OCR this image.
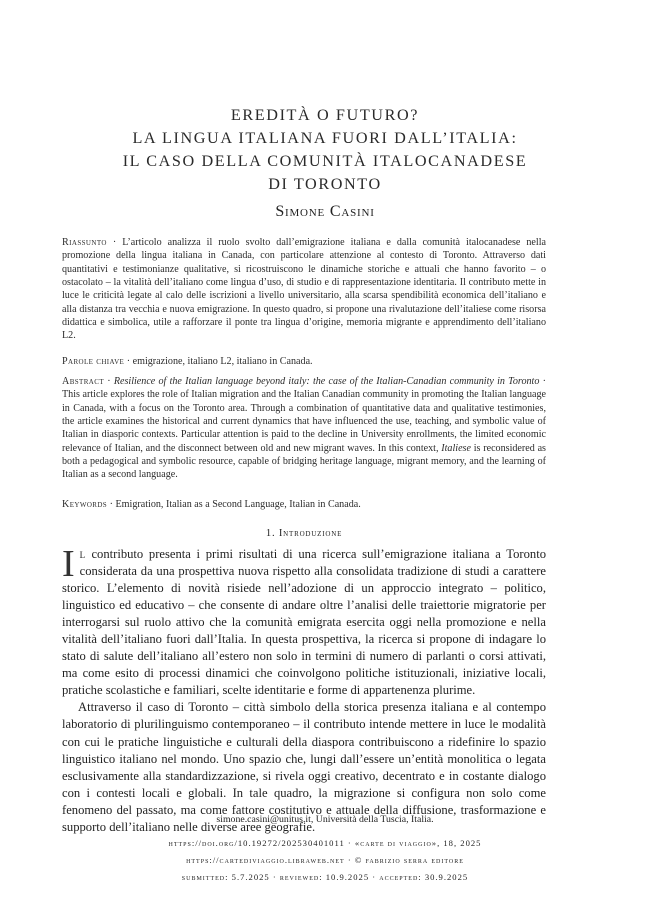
EREDITÀ O FUTURO?
LA LINGUA ITALIANA FUORI DALL’ITALIA:
IL CASO DELLA COMUNITÀ ITALOCANADESE
DI TORONTO
Simone Casini
Riassunto · L’articolo analizza il ruolo svolto dall’emigrazione italiana e dalla comunità italocanadese nella promozione della lingua italiana in Canada, con particolare attenzione al contesto di Toronto. Attraverso dati quantitativi e testimonianze qualitative, si ricostruiscono le dinamiche storiche e attuali che hanno favorito – o ostacolato – la vitalità dell’italiano come lingua d’uso, di studio e di rappresentazione identitaria. Il contributo mette in luce le criticità legate al calo delle iscrizioni a livello universitario, alla scarsa spendibilità economica dell’italiano e alla distanza tra vecchia e nuova emigrazione. In questo quadro, si propone una rivalutazione dell’italiese come risorsa didattica e simbolica, utile a rafforzare il ponte tra lingua d’origine, memoria migrante e apprendimento dell’italiano L2.
Parole chiave · emigrazione, italiano L2, italiano in Canada.
Abstract · Resilience of the Italian language beyond italy: the case of the Italian-Canadian community in Toronto · This article explores the role of Italian migration and the Italian Canadian community in promoting the Italian language in Canada, with a focus on the Toronto area. Through a combination of quantitative data and qualitative testimonies, the article examines the historical and current dynamics that have influenced the use, teaching, and symbolic value of Italian in diasporic contexts. Particular attention is paid to the decline in University enrollments, the limited economic relevance of Italian, and the disconnect between old and new migrant waves. In this context, Italiese is reconsidered as both a pedagogical and symbolic resource, capable of bridging heritage language, migrant memory, and the learning of Italian as a second language.
Keywords · Emigration, Italian as a Second Language, Italian in Canada.
1. Introduzione

Il contributo presenta i primi risultati di una ricerca sull’emigrazione italiana a Toronto considerata da una prospettiva nuova rispetto alla consolidata tradizione di studi a carattere storico. L’elemento di novità risiede nell’adozione di un approccio integrato – politico, linguistico ed educativo – che consente di andare oltre l’analisi delle traiettorie migratorie per interrogarsi sul ruolo attivo che la comunità emigrata esercita oggi nella promozione e nella vitalità dell’italiano fuori dall’Italia. In questa prospettiva, la ricerca si propone di indagare lo stato di salute dell’italiano all’estero non solo in termini di numero di parlanti o corsi attivati, ma come esito di processi dinamici che coinvolgono politiche istituzionali, iniziative locali, pratiche scolastiche e familiari, scelte identitarie e forme di appartenenza plurime.

Attraverso il caso di Toronto – città simbolo della storica presenza italiana e al contempo laboratorio di plurilinguismo contemporaneo – il contributo intende mettere in luce le modalità con cui le pratiche linguistiche e culturali della diaspora contribuiscono a ridefinire lo spazio linguistico italiano nel mondo. Uno spazio che, lungi dall’essere un’entità monolitica o legata esclusivamente alla standardizzazione, si rivela oggi creativo, decentrato e in costante dialogo con i contesti locali e globali. In tale quadro, la migrazione si configura non solo come fenomeno del passato, ma come fattore costitutivo e attuale della diffusione, trasformazione e supporto dell’italiano nelle diverse aree geografie.

simone.casini@unitus.it, Università della Tuscia, Italia.
https://doi.org/10.19272/202530401011 · «carte di viaggio», 18, 2025
https://cartediviaggio.libraweb.net · © fabrizio serra editore
submitted: 5.7.2025 · reviewed: 10.9.2025 · accepted: 30.9.2025
